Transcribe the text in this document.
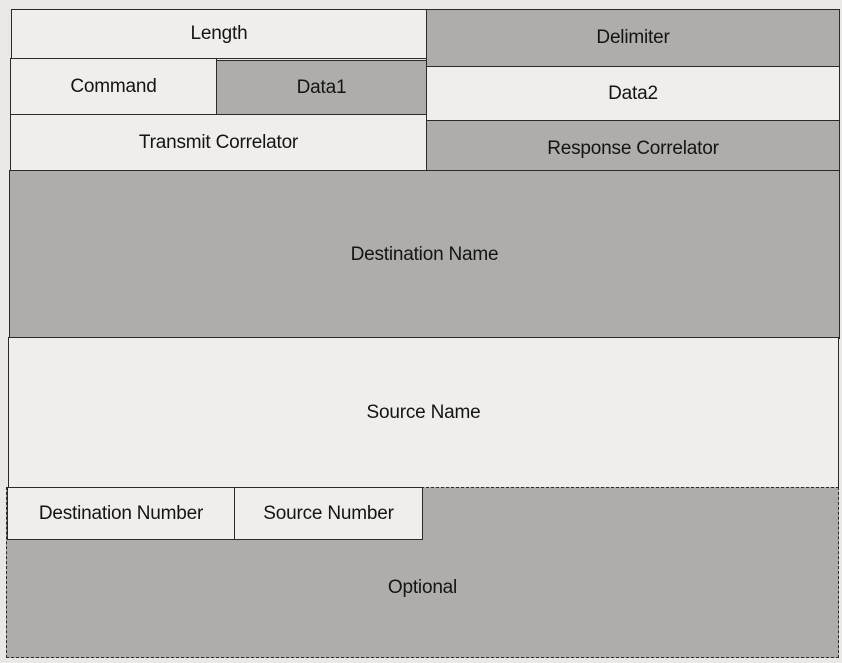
Length	Delimiter
Command	Data1	Data2
Transmit Correlator	Response Correlator
Destination Name
Source Name
Destination Number	Source Number
Optional
